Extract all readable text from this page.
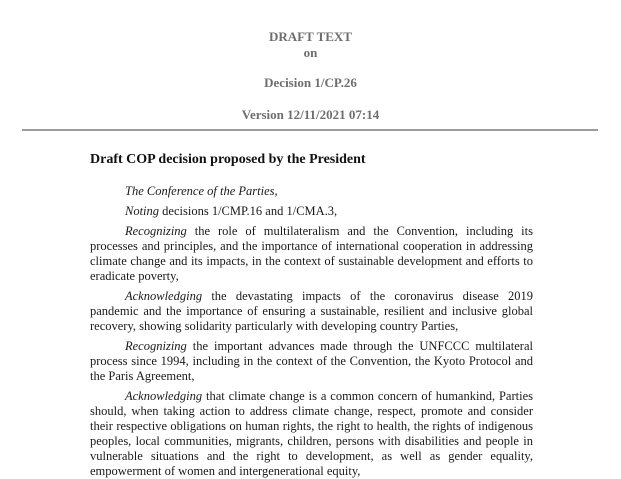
DRAFT TEXT
on
Decision 1/CP.26
Version 12/11/2021 07:14
Draft COP decision proposed by the President

The Conference of the Parties,

Noting decisions 1/CMP.16 and 1/CMA.3,

Recognizing the role of multilateralism and the Convention, including its processes and principles, and the importance of international cooperation in addressing climate change and its impacts, in the context of sustainable development and efforts to eradicate poverty,

Acknowledging the devastating impacts of the coronavirus disease 2019 pandemic and the importance of ensuring a sustainable, resilient and inclusive global recovery, showing solidarity particularly with developing country Parties,

Recognizing the important advances made through the UNFCCC multilateral process since 1994, including in the context of the Convention, the Kyoto Protocol and the Paris Agreement,

Acknowledging that climate change is a common concern of humankind, Parties should, when taking action to address climate change, respect, promote and consider their respective obligations on human rights, the right to health, the rights of indigenous peoples, local communities, migrants, children, persons with disabilities and people in vulnerable situations and the right to development, as well as gender equality, empowerment of women and intergenerational equity,
